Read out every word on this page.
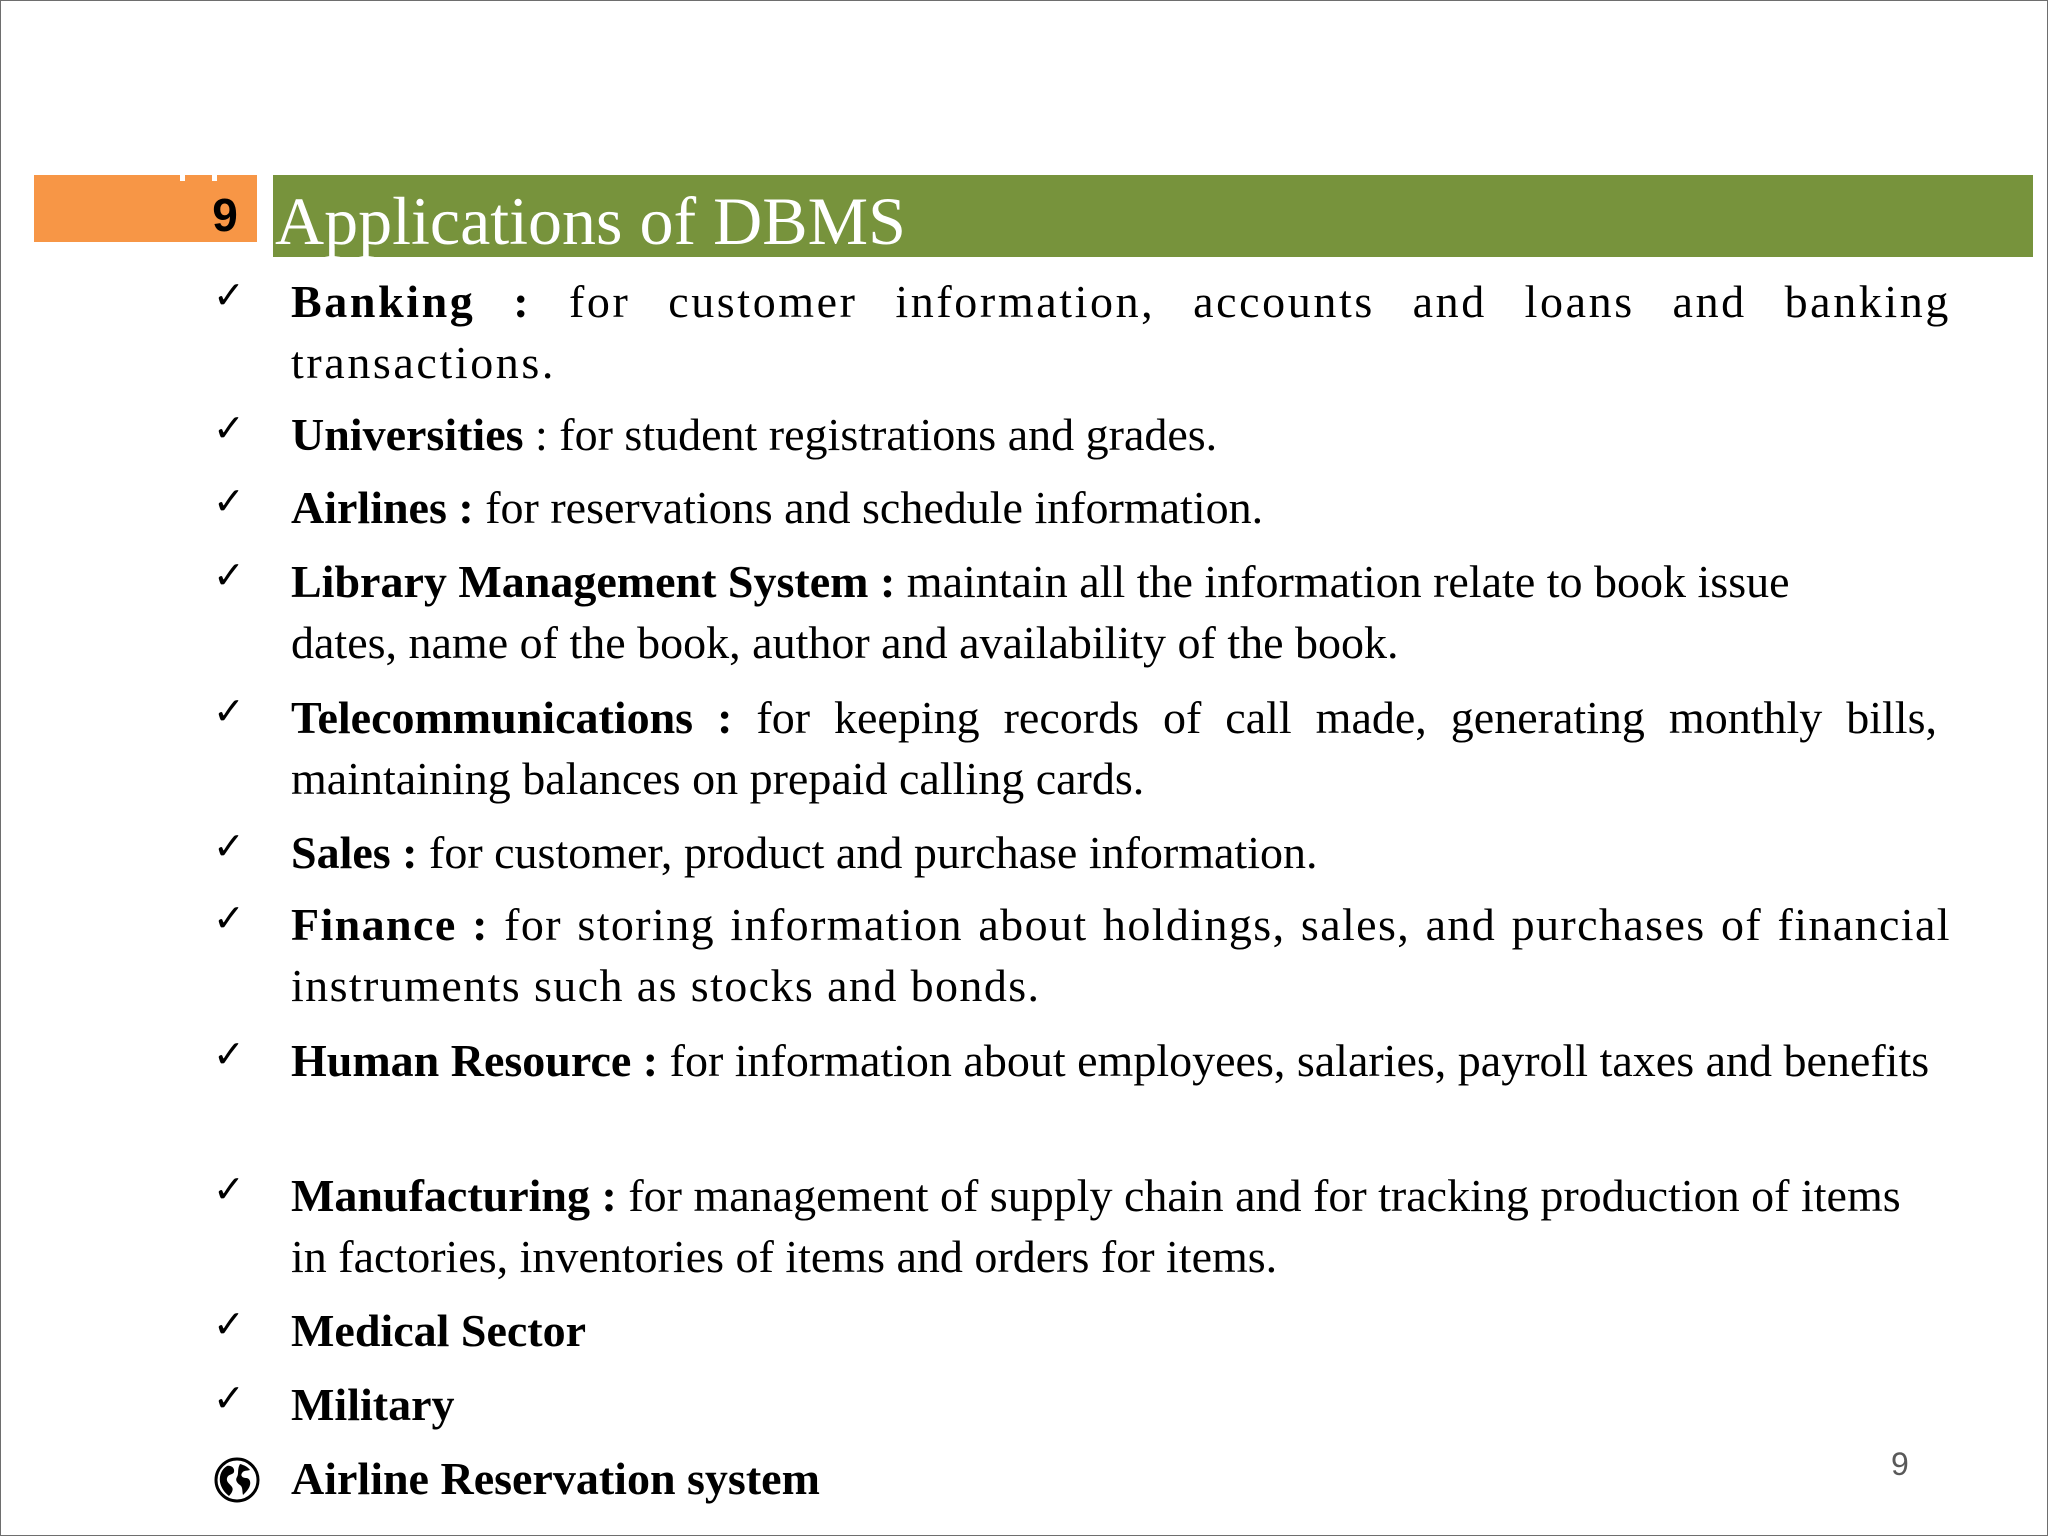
9 Applications of DBMS
✓ Banking : for customer information, accounts and loans and banking transactions.
✓ Universities : for student registrations and grades.
✓ Airlines : for reservations and schedule information.
✓ Library Management System : maintain all the information relate to book issue dates, name of the book, author and availability of the book.
✓ Telecommunications : for keeping records of call made, generating monthly bills, maintaining balances on prepaid calling cards.
✓ Sales : for customer, product and purchase information.
✓ Finance : for storing information about holdings, sales, and purchases of financial instruments such as stocks and bonds.
✓ Human Resource : for information about employees, salaries, payroll taxes and benefits
✓ Manufacturing : for management of supply chain and for tracking production of items in factories, inventories of items and orders for items.
✓ Medical Sector
✓ Military
Airline Reservation system	9
